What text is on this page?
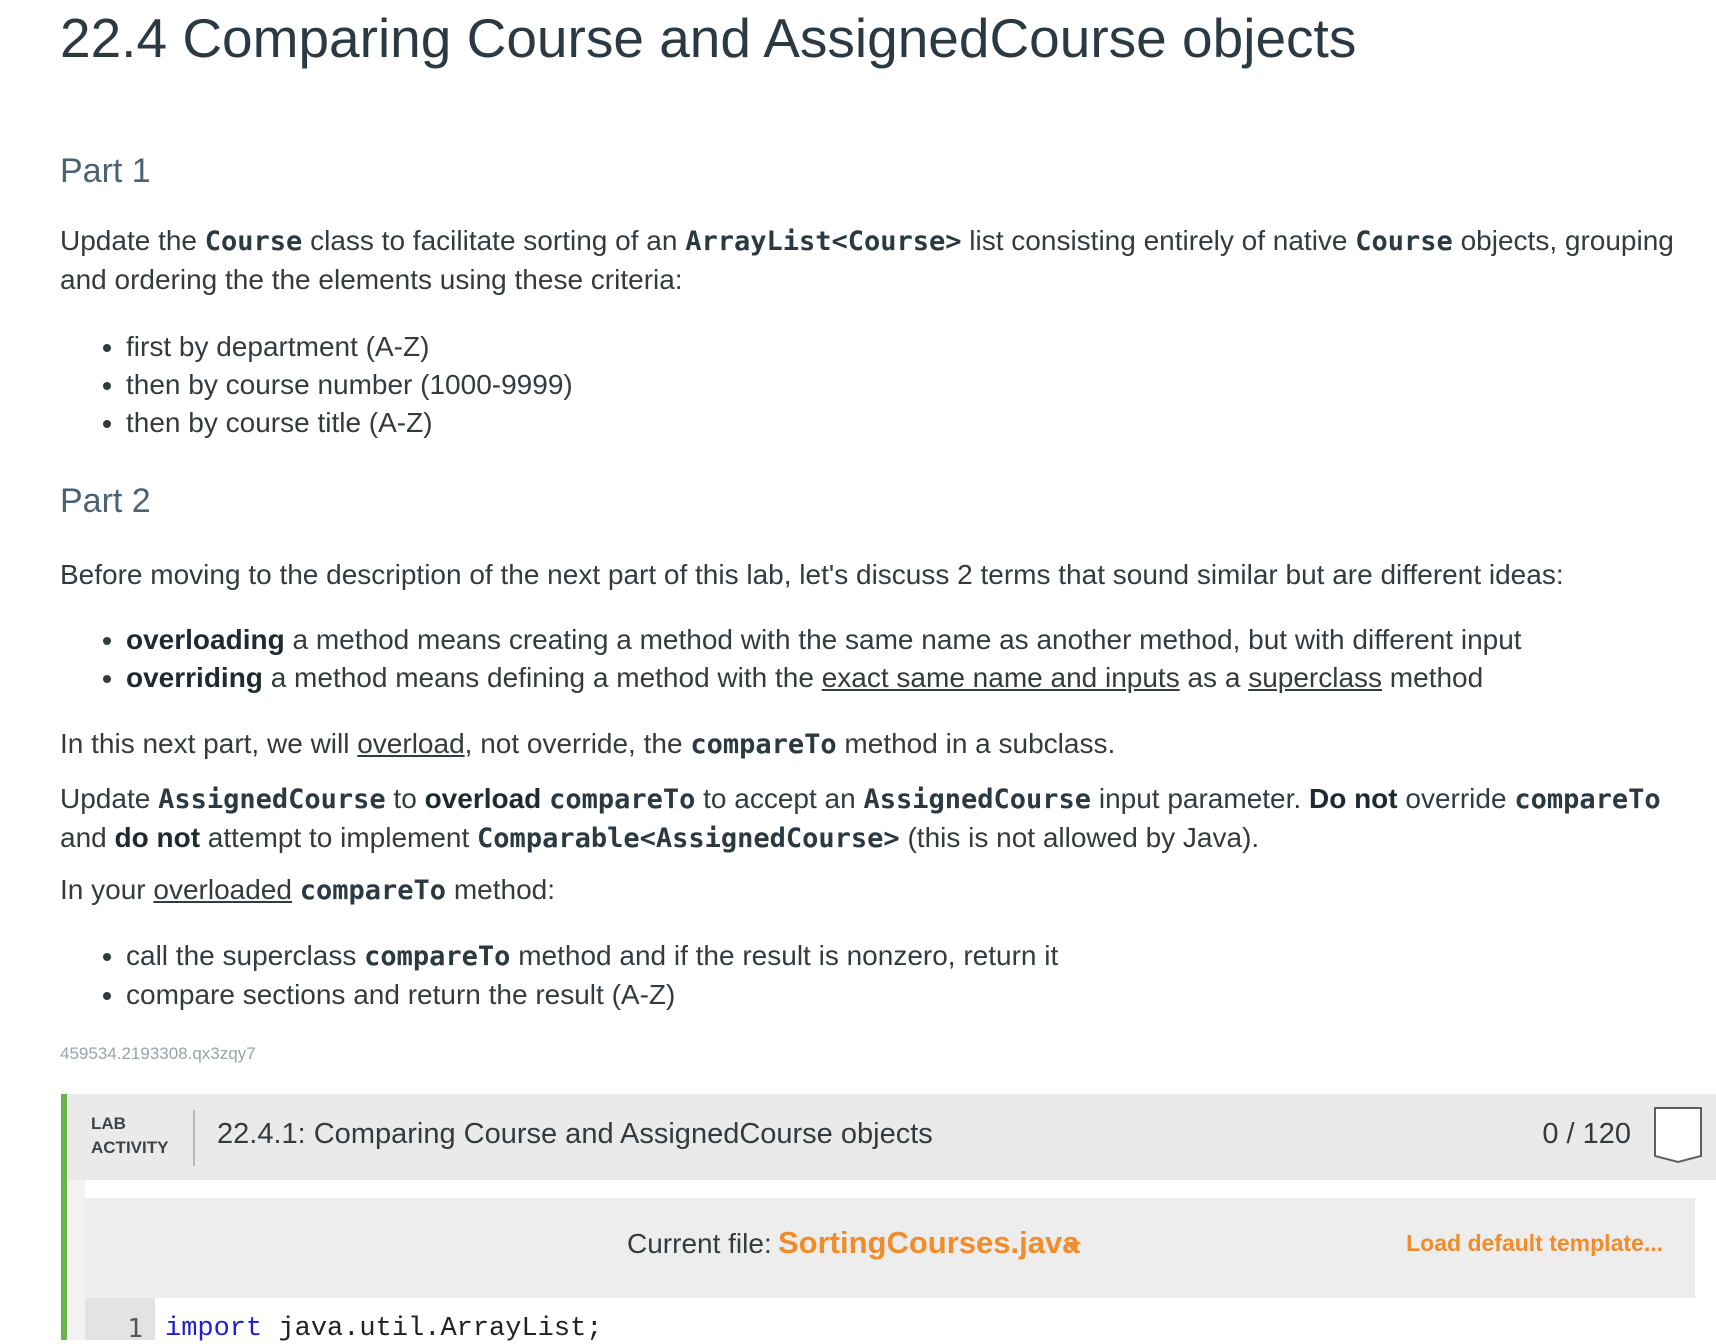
22.4 Comparing Course and AssignedCourse objects
Part 1

Update the Course class to facilitate sorting of an ArrayList<Course> list consisting entirely of native Course objects, grouping and ordering the the elements using these criteria:

• first by department (A-Z)
• then by course number (1000-9999)
• then by course title (A-Z)
Part 2

Before moving to the description of the next part of this lab, let's discuss 2 terms that sound similar but are different ideas:

• overloading a method means creating a method with the same name as another method, but with different input
• overriding a method means defining a method with the exact same name and inputs as a superclass method

In this next part, we will overload, not override, the compareTo method in a subclass.

Update AssignedCourse to overload compareTo to accept an AssignedCourse input parameter. Do not override compareTo and do not attempt to implement Comparable<AssignedCourse> (this is not allowed by Java).

In your overloaded compareTo method:

• call the superclass compareTo method and if the result is nonzero, return it
• compare sections and return the result (A-Z)
459534.2193308.qx3zqy7
LAB
ACTIVITY 22.4.1: Comparing Course and AssignedCourse objects	0 / 120
Current file: SortingCourses.java	Load default template...
1 import java.util.ArrayList;
